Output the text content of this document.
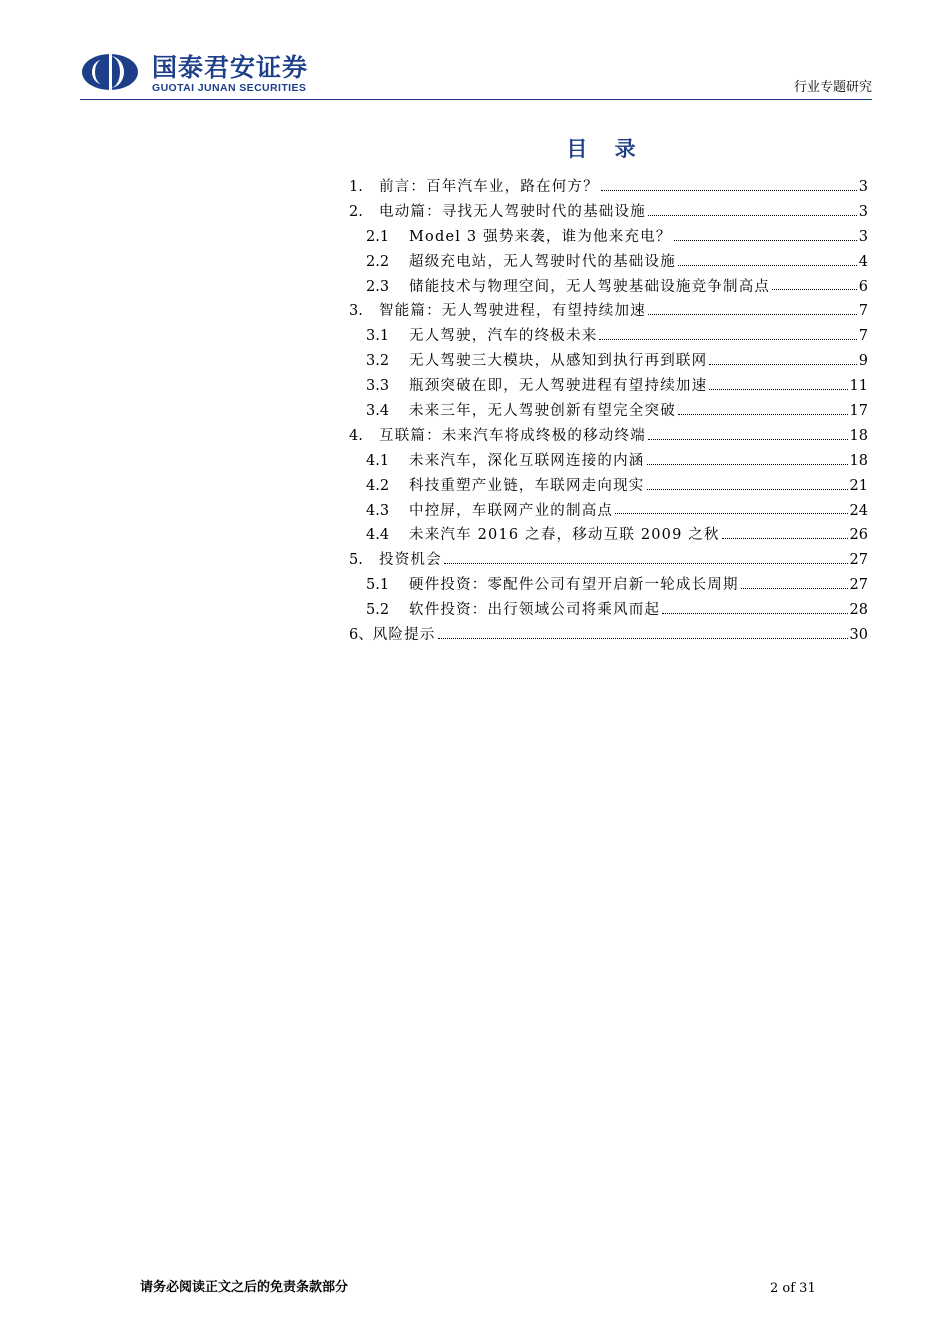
国泰君安证券
GUOTAI JUNAN SECURITIES	行业专题研究
目 录
1.	前言：百年汽车业，路在何方？	3
2.	电动篇：寻找无人驾驶时代的基础设施	3
2.1	Model 3 强势来袭，谁为他来充电？	3
2.2	超级充电站，无人驾驶时代的基础设施	4
2.3	储能技术与物理空间，无人驾驶基础设施竞争制高点	6
3.	智能篇：无人驾驶进程，有望持续加速	7
3.1	无人驾驶，汽车的终极未来	7
3.2	无人驾驶三大模块，从感知到执行再到联网	9
3.3	瓶颈突破在即，无人驾驶进程有望持续加速	11
3.4	未来三年，无人驾驶创新有望完全突破	17
4.	互联篇：未来汽车将成终极的移动终端	18
4.1	未来汽车，深化互联网连接的内涵	18
4.2	科技重塑产业链，车联网走向现实	21
4.3	中控屏，车联网产业的制高点	24
4.4	未来汽车 2016 之春，移动互联 2009 之秋	26
5.	投资机会	27
5.1	硬件投资：零配件公司有望开启新一轮成长周期	27
5.2	软件投资：出行领域公司将乘风而起	28
6、 风险提示	30
请务必阅读正文之后的免责条款部分	2 of 31
